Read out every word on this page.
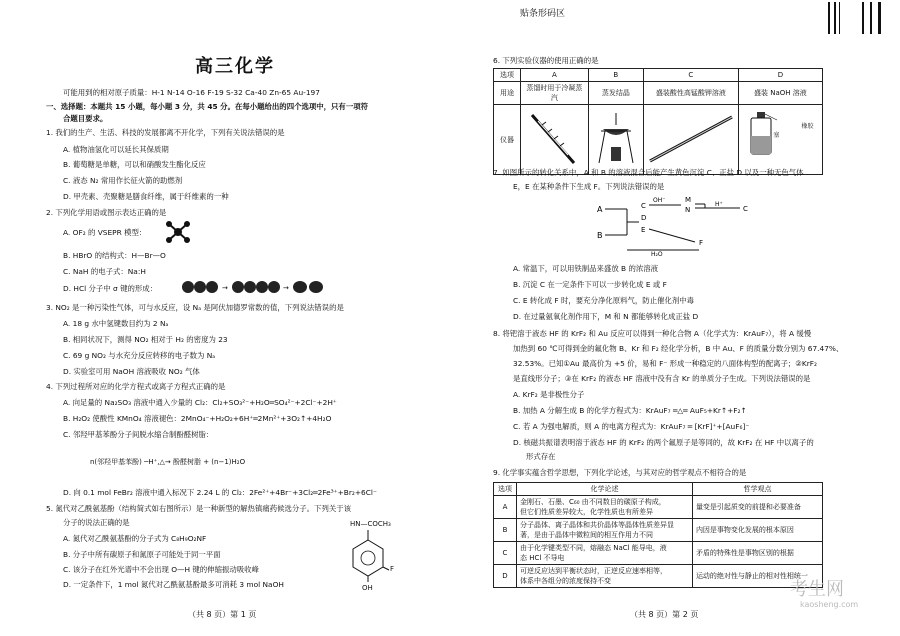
贴条形码区
高三化学
可能用到的相对原子质量：H-1 N-14 O-16 F-19 S-32 Ca-40 Zn-65 Au-197
一、选择题：本题共 15 小题，每小题 3 分，共 45 分。在每小题给出的四个选项中，只有一项符
合题目要求。
1. 我们的生产、生活、科技的发展都离不开化学，下列有关说法错误的是
A. 植物油氢化可以延长其保质期
B. 葡萄糖是单糖，可以和硝酸发生酯化反应
C. 液态 N₂ 常用作长征火箭的助燃剂
D. 甲壳素、壳聚糖是膳食纤维，属于纤维素的一种
2. 下列化学用语或图示表达正确的是
A. OF₂ 的 VSEPR 模型：
B. HBrO 的结构式：H—Br—O
C. NaH 的电子式：Na:H
D. HCl 分子中 σ 键的形成：	→	→
3. NO₂ 是一种污染性气体，可与水反应，设 Nₐ 是阿伏加德罗常数的值，下列说法错误的是
A. 18 g 水中氢键数目约为 2 Nₐ
B. 相同状况下，测得 NO₂ 相对于 H₂ 的密度为 23
C. 69 g NO₂ 与水充分反应转移的电子数为 Nₐ
D. 实验室可用 NaOH 溶液吸收 NO₂ 气体
4. 下列过程所对应的化学方程式或离子方程式正确的是
A. 向足量的 Na₂SO₃ 溶液中通入少量的 Cl₂：Cl₂+SO₃²⁻+H₂O═SO₄²⁻+2Cl⁻+2H⁺
B. H₂O₂ 使酸性 KMnO₄ 溶液褪色：2MnO₄⁻+H₂O₂+6H⁺═2Mn²⁺+3O₂↑+4H₂O
C. 邻羟甲基苯酚分子间脱水缩合制酚醛树脂：
n(邻羟甲基苯酚) ─H⁺,△→ 酚醛树脂 + (n−1)H₂O
D. 向 0.1 mol FeBr₂ 溶液中通入标况下 2.24 L 的 Cl₂：2Fe²⁺+4Br⁻+3Cl₂═2Fe³⁺+Br₂+6Cl⁻
5. 氮代对乙酰氨基酚（结构简式如右图所示）是一种新型的解热镇痛药候选分子。下列关于该
分子的说法正确的是
A. 氮代对乙酰氨基酚的分子式为 C₈H₉O₂NF
B. 分子中所有碳原子和氮原子可能处于同一平面
C. 该分子在红外光谱中不会出现 O—H 键的伸缩振动吸收峰
D. 一定条件下，1 mol 氮代对乙酰氨基酚最多可消耗 3 mol NaOH
HN—COCH₃
F
OH
（共 8 页）第 1 页
6. 下列实验仪器的使用正确的是
选项	A	B	C	D
用途	蒸馏时用于冷凝蒸汽	蒸发结晶	盛装酸性高锰酸钾溶液	盛装 NaOH 溶液
仪器				橡胶塞
7. 如图所示的转化关系中，A 和 B 的溶液混合后能产生黄色沉淀 C、正盐 D 以及一种无色气体
E，E 在某种条件下生成 F。下列说法错误的是
A
B
C
D
E
OH⁻	M
N
H⁺
C
F
H₂O
A. 常温下，可以用铁制品来盛放 B 的浓溶液
B. 沉淀 C 在一定条件下可以一步转化成 E 或 F
C. E 转化成 F 时，要充分净化原料气，防止催化剂中毒
D. 在过量氨氧化剂作用下，M 和 N 都能够转化成正盐 D
8. 将钯溶于液态 HF 的 KrF₂ 和 Au 反应可以得到一种化合物 A（化学式为：KrAuF₇），将 A 缓慢
加热到 60 ℃可得到金的氟化物 B、Kr 和 F₂ 经化学分析，B 中 Au、F 的质量分数分别为 67.47%、
32.53%。已知①Au 最高价为 +5 价，易和 F⁻ 形成一种稳定的八面体构型的配离子；②KrF₂
是直线形分子；③在 KrF₂ 的液态 HF 溶液中没有含 Kr 的单质分子生成。下列说法错误的是
A. KrF₂ 是非极性分子
B. 加热 A 分解生成 B 的化学方程式为：KrAuF₇ ═△═ AuF₅+Kr↑+F₂↑
C. 若 A 为强电解质，则 A 的电离方程式为：KrAuF₇ ═ [KrF]⁺+[AuF₆]⁻
D. 核磁共振谱表明溶于液态 HF 的 KrF₂ 的两个氟原子是等同的，故 KrF₂ 在 HF 中以离子的
形式存在
9. 化学事实蕴含哲学思想，下列化学论述，与其对应的哲学观点不相符合的是
（共 8 页）第 2 页
选项	化学论述	哲学观点
A	金刚石、石墨、C₆₀ 由不同数目的碳原子构成，
但它们性质差异较大，化学性质也有所差异	量变是引起质变的前提和必要准备
B	分子晶体、离子晶体和共价晶体等晶体性质差异显
著，是由于晶体中微粒间的相互作用力不同	内因是事物变化发展的根本原因
C	由于化学键类型不同，熔融态 NaCl 能导电，液
态 HCl 不导电	矛盾的特殊性是事物区别的根据
D	可逆反应达到平衡状态时，正逆反应速率相等，
体系中各组分的浓度保持不变	运动的绝对性与静止的相对性相统一
考生网
kaosheng.com
